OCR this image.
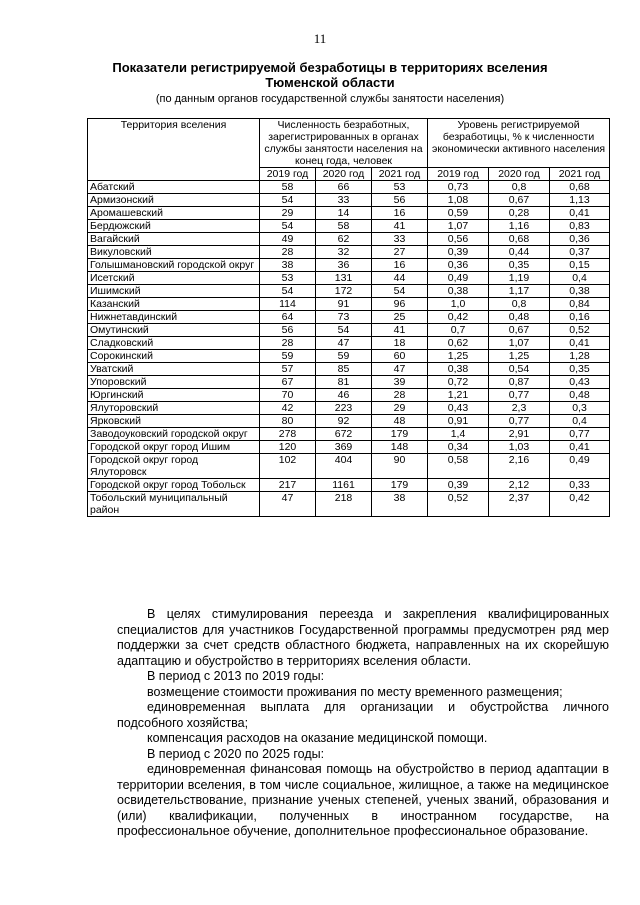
11
Показатели регистрируемой безработицы в территориях вселения Тюменской области
(по данным органов государственной службы занятости населения)
Территория вселения	Численность безработных, зарегистрированных в органах службы занятости населения на конец года, человек			Уровень регистрируемой безработицы, % к численности экономически активного населения		
	2019 год	2020 год	2021 год	2019 год	2020 год	2021 год
Абатский	58	66	53	0,73	0,8	0,68
Армизонский	54	33	56	1,08	0,67	1,13
Аромашевский	29	14	16	0,59	0,28	0,41
Бердюжский	54	58	41	1,07	1,16	0,83
Вагайский	49	62	33	0,56	0,68	0,36
Викуловский	28	32	27	0,39	0,44	0,37
Голышмановский городской округ	38	36	16	0,36	0,35	0,15
Исетский	53	131	44	0,49	1,19	0,4
Ишимский	54	172	54	0,38	1,17	0,38
Казанский	114	91	96	1,0	0,8	0,84
Нижнетавдинский	64	73	25	0,42	0,48	0,16
Омутинский	56	54	41	0,7	0,67	0,52
Сладковский	28	47	18	0,62	1,07	0,41
Сорокинский	59	59	60	1,25	1,25	1,28
Уватский	57	85	47	0,38	0,54	0,35
Упоровский	67	81	39	0,72	0,87	0,43
Юргинский	70	46	28	1,21	0,77	0,48
Ялуторовский	42	223	29	0,43	2,3	0,3
Ярковский	80	92	48	0,91	0,77	0,4
Заводоуковский городской округ	278	672	179	1,4	2,91	0,77
Городской округ город Ишим	120	369	148	0,34	1,03	0,41
Городской округ город Ялуторовск	102	404	90	0,58	2,16	0,49
Городской округ город Тобольск	217	1161	179	0,39	2,12	0,33
Тобольский муниципальный район	47	218	38	0,52	2,37	0,42

В целях стимулирования переезда и закрепления квалифицированных специалистов для участников Государственной программы предусмотрен ряд мер поддержки за счет средств областного бюджета, направленных на их скорейшую адаптацию и обустройство в территориях вселения области.

В период с 2013 по 2019 годы:

возмещение стоимости проживания по месту временного размещения;

единовременная выплата для организации и обустройства личного подсобного хозяйства;

компенсация расходов на оказание медицинской помощи.

В период с 2020 по 2025 годы:

единовременная финансовая помощь на обустройство в период адаптации в территории вселения, в том числе социальное, жилищное, а также на медицинское освидетельствование, признание ученых степеней, ученых званий, образования и (или) квалификации, полученных в иностранном государстве, на профессиональное обучение, дополнительное профессиональное образование.
